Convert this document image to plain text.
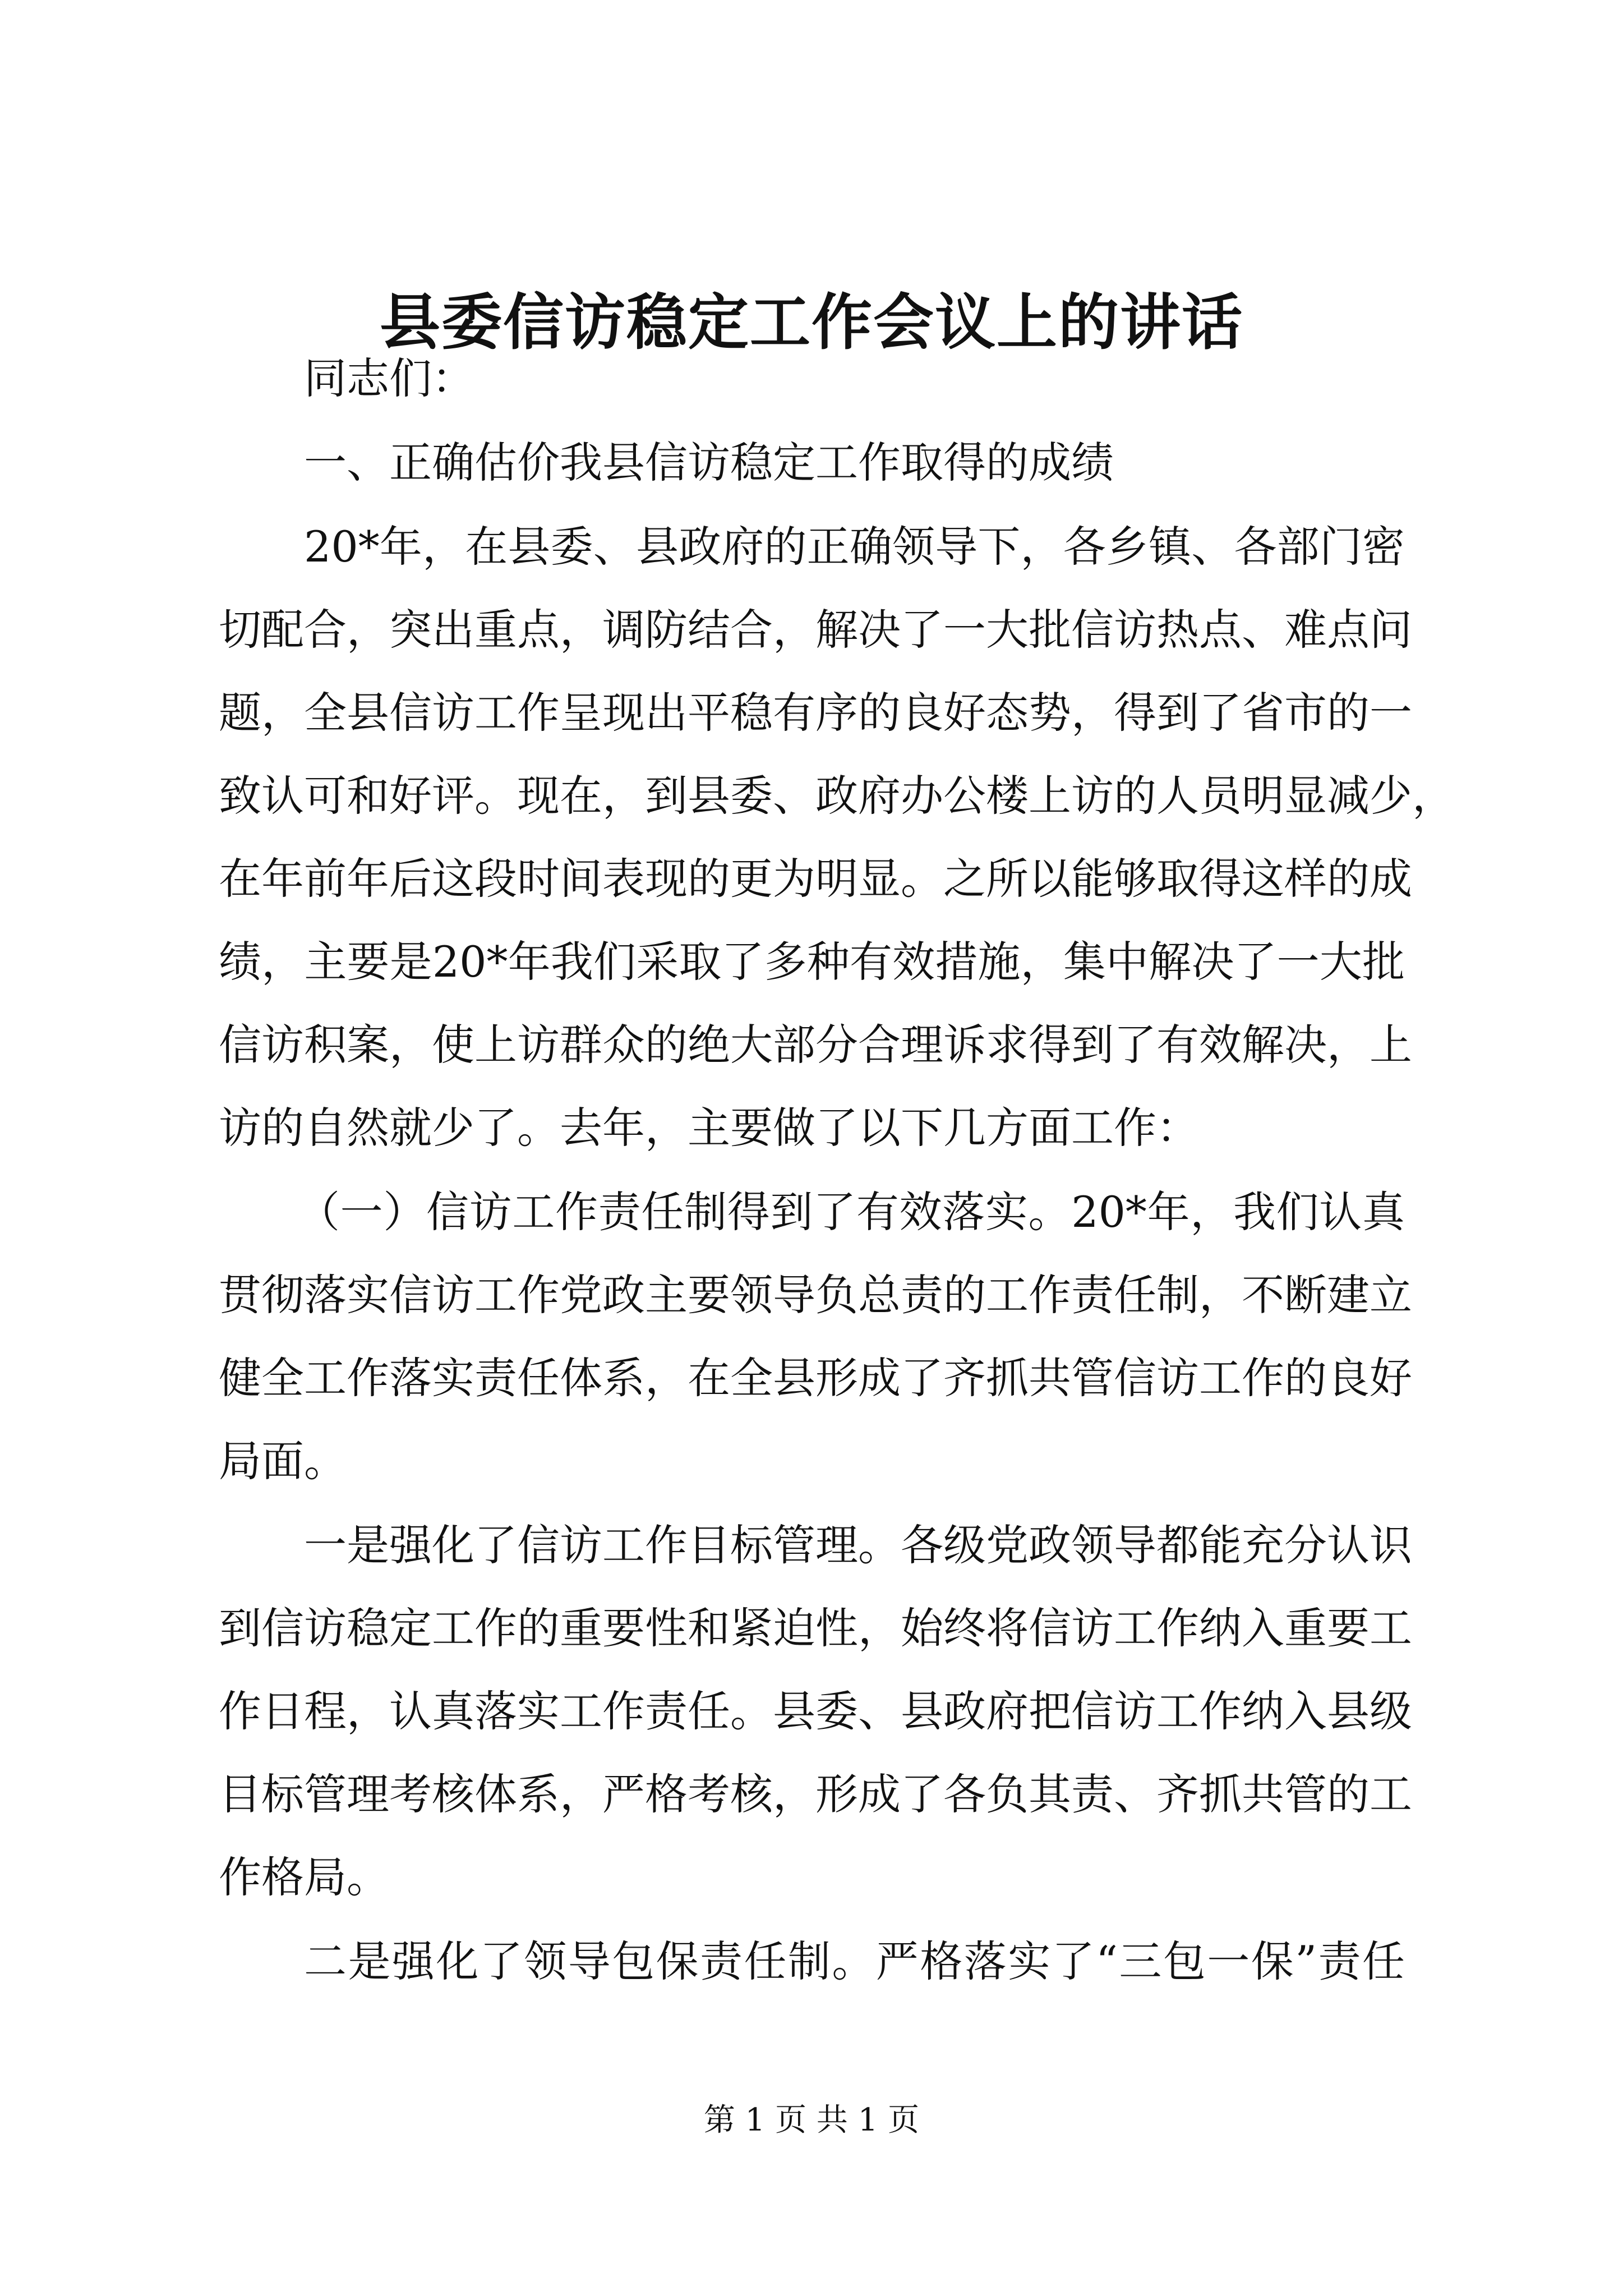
县委信访稳定工作会议上的讲话
同志们：
一、正确估价我县信访稳定工作取得的成绩
20*年，在县委、县政府的正确领导下，各乡镇、各部门密
切配合，突出重点，调防结合，解决了一大批信访热点、难点问
题，全县信访工作呈现出平稳有序的良好态势，得到了省市的一
致认可和好评。现在，到县委、政府办公楼上访的人员明显减少，
在年前年后这段时间表现的更为明显。之所以能够取得这样的成
绩，主要是20*年我们采取了多种有效措施，集中解决了一大批
信访积案，使上访群众的绝大部分合理诉求得到了有效解决，上
访的自然就少了。去年，主要做了以下几方面工作：
（一）信访工作责任制得到了有效落实。20*年，我们认真
贯彻落实信访工作党政主要领导负总责的工作责任制，不断建立
健全工作落实责任体系，在全县形成了齐抓共管信访工作的良好
局面。
一是强化了信访工作目标管理。各级党政领导都能充分认识
到信访稳定工作的重要性和紧迫性，始终将信访工作纳入重要工
作日程，认真落实工作责任。县委、县政府把信访工作纳入县级
目标管理考核体系，严格考核，形成了各负其责、齐抓共管的工
作格局。
二是强化了领导包保责任制。严格落实了“三包一保”责任
第 1 页 共 1 页
